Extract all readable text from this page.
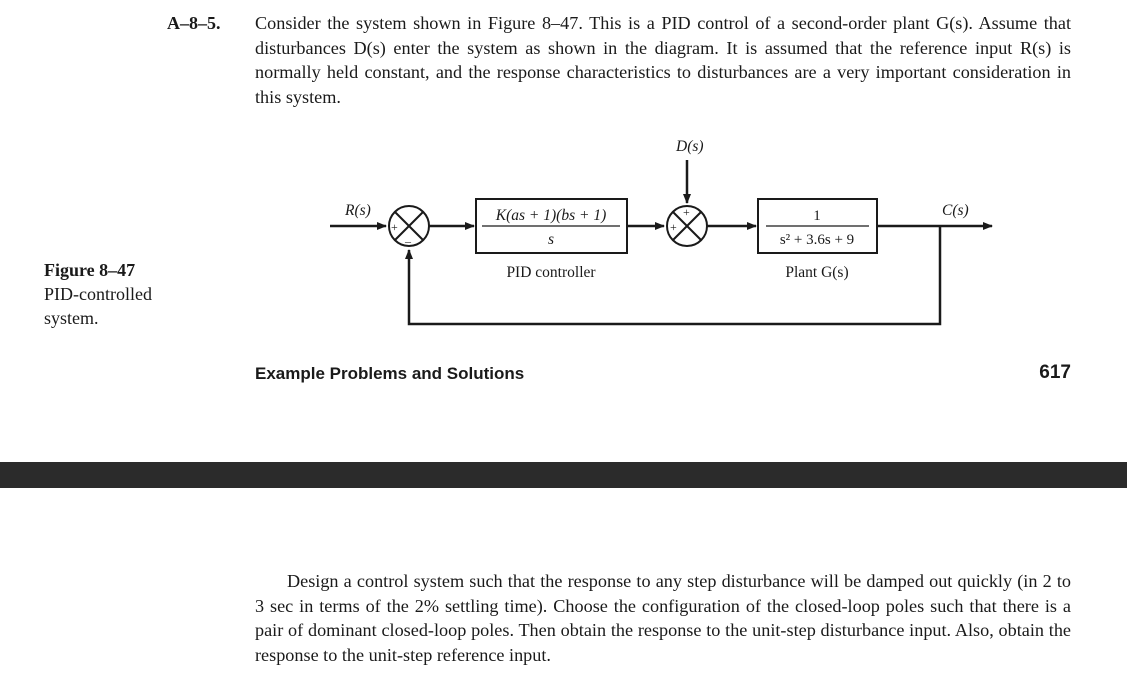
A–8–5. Consider the system shown in Figure 8–47. This is a PID control of a second-order plant G(s). Assume that disturbances D(s) enter the system as shown in the diagram. It is assumed that the reference input R(s) is normally held constant, and the response characteristics to disturbances are a very important consideration in this system.
Figure 8–47
PID-controlled system.
R(s)
D(s)
C(s)
+
–
+
+
K(as + 1)(bs + 1)
s
PID controller
1
s² + 3.6s + 9
Plant G(s)
Example Problems and Solutions	617
Design a control system such that the response to any step disturbance will be damped out quickly (in 2 to 3 sec in terms of the 2% settling time). Choose the configuration of the closed-loop poles such that there is a pair of dominant closed-loop poles. Then obtain the response to the unit-step disturbance input. Also, obtain the response to the unit-step reference input.
